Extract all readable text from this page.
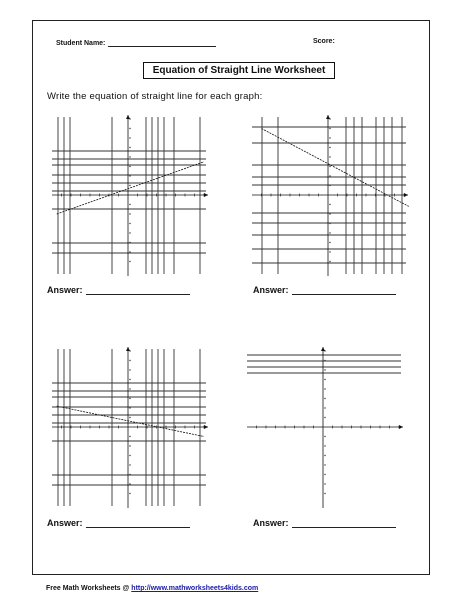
Student Name:	Score:
Equation of Straight Line Worksheet
Write the equation of straight line for each graph:
Answer:	Answer:
Answer:	Answer:
Free Math Worksheets @ http://www.mathworksheets4kids.com
